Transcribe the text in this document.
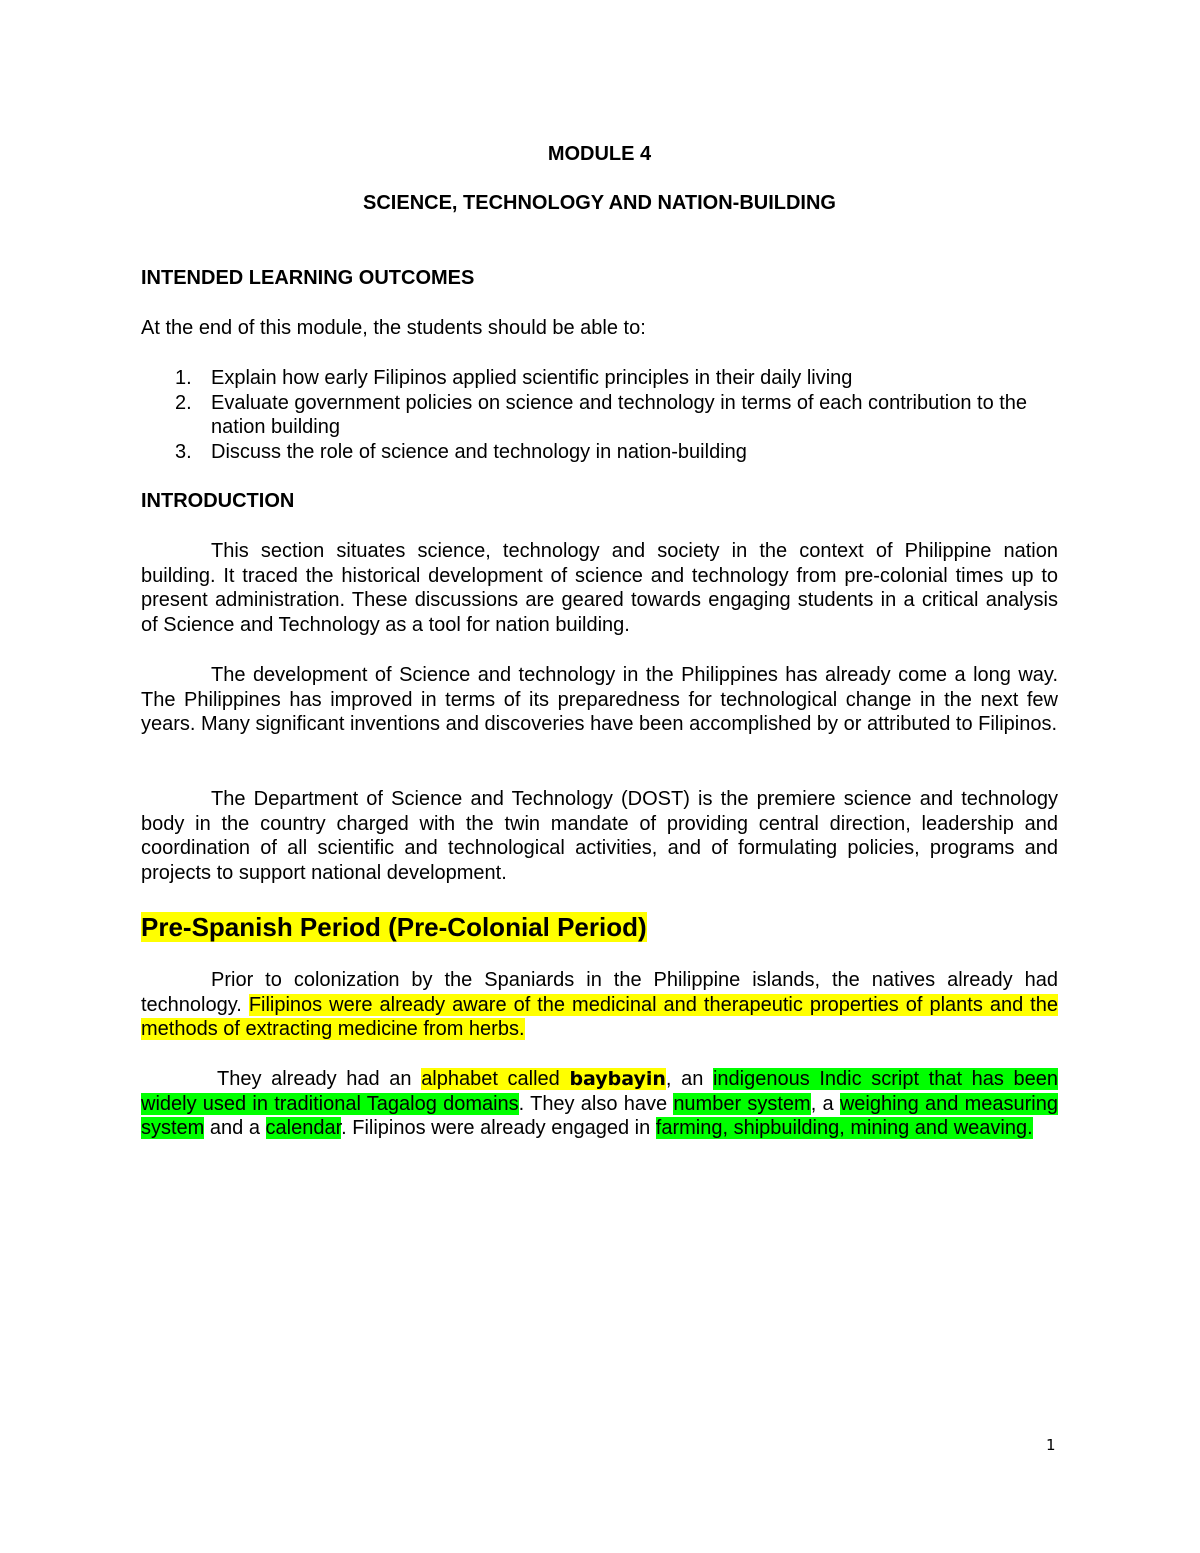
MODULE 4
SCIENCE, TECHNOLOGY AND NATION-BUILDING
INTENDED LEARNING OUTCOMES
At the end of this module, the students should be able to:
1. Explain how early Filipinos applied scientific principles in their daily living
2. Evaluate government policies on science and technology in terms of each contribution to the nation building
3. Discuss the role of science and technology in nation-building
INTRODUCTION

This section situates science, technology and society in the context of Philippine nation building. It traced the historical development of science and technology from pre-colonial times up to present administration. These discussions are geared towards engaging students in a critical analysis of Science and Technology as a tool for nation building.

The development of Science and technology in the Philippines has already come a long way. The Philippines has improved in terms of its preparedness for technological change in the next few years. Many significant inventions and discoveries have been accomplished by or attributed to Filipinos.

The Department of Science and Technology (DOST) is the premiere science and technology body in the country charged with the twin mandate of providing central direction, leadership and coordination of all scientific and technological activities, and of formulating policies, programs and projects to support national development.

Pre-Spanish Period (Pre-Colonial Period)

Prior to colonization by the Spaniards in the Philippine islands, the natives already had technology. Filipinos were already aware of the medicinal and therapeutic properties of plants and the methods of extracting medicine from herbs.

They already had an alphabet called baybayin, an indigenous Indic script that has been widely used in traditional Tagalog domains. They also have number system, a weighing and measuring system and a calendar. Filipinos were already engaged in farming, shipbuilding, mining and weaving.

1
